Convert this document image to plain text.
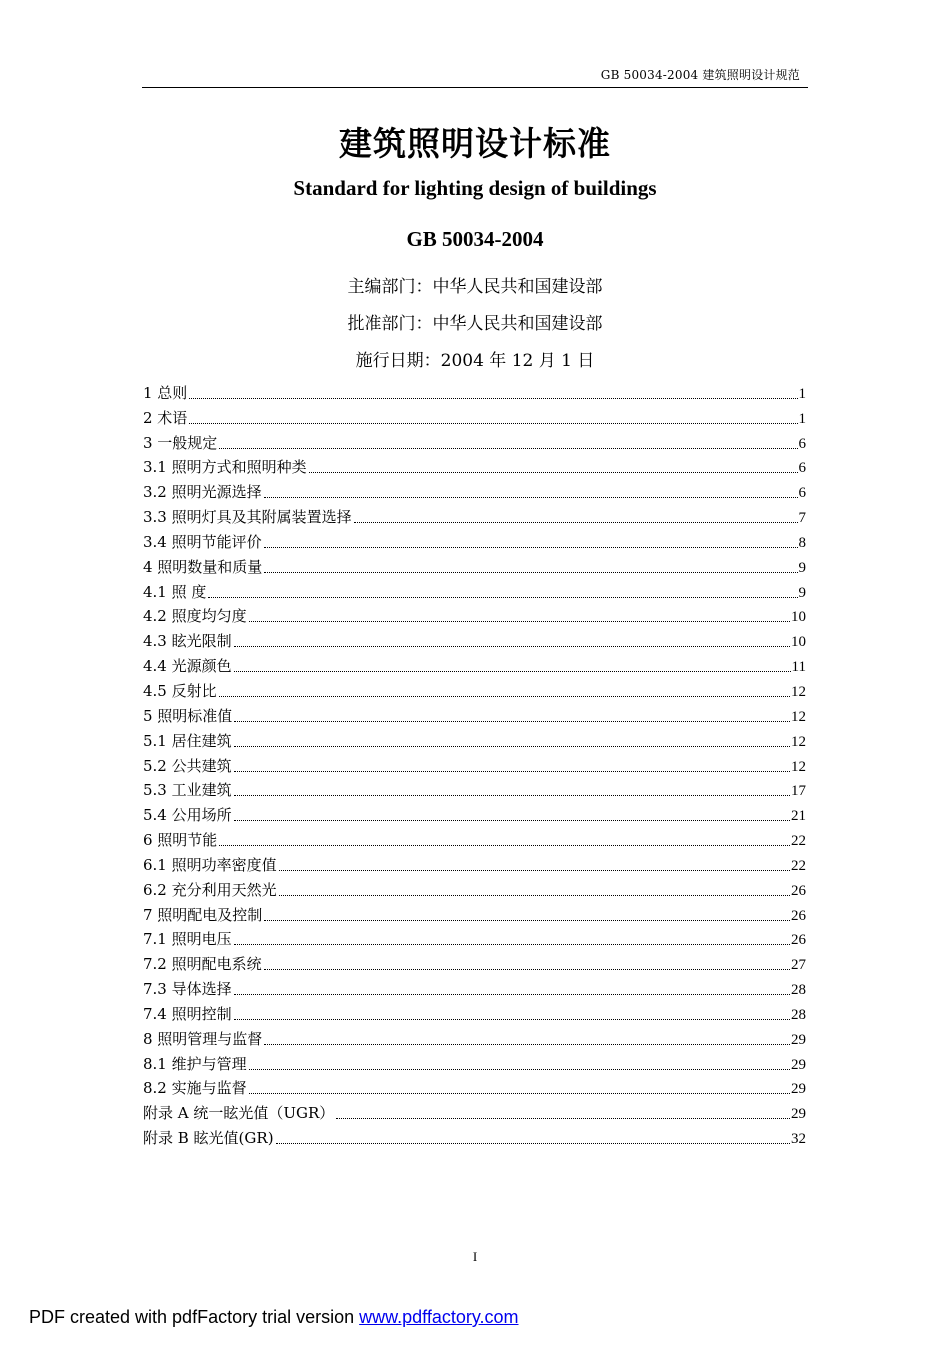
GB 50034-2004 建筑照明设计规范
建筑照明设计标准
Standard for lighting design of buildings
GB 50034-2004
主编部门：中华人民共和国建设部
批准部门：中华人民共和国建设部
施行日期：2004 年 12 月 1 日
1 总则	1
2 术语	1
3 一般规定	6
3.1 照明方式和照明种类	6
3.2 照明光源选择	6
3.3 照明灯具及其附属装置选择	7
3.4 照明节能评价	8
4 照明数量和质量	9
4.1 照 度	9
4.2 照度均匀度	10
4.3 眩光限制	10
4.4 光源颜色	11
4.5 反射比	12
5 照明标准值	12
5.1 居住建筑	12
5.2 公共建筑	12
5.3 工业建筑	17
5.4 公用场所	21
6 照明节能	22
6.1 照明功率密度值	22
6.2 充分利用天然光	26
7 照明配电及控制	26
7.1 照明电压	26
7.2 照明配电系统	27
7.3 导体选择	28
7.4 照明控制	28
8 照明管理与监督	29
8.1 维护与管理	29
8.2 实施与监督	29
附录 A 统一眩光值（UGR）	29
附录 B 眩光值(GR)	32
I
PDF created with pdfFactory trial version www.pdffactory.com
